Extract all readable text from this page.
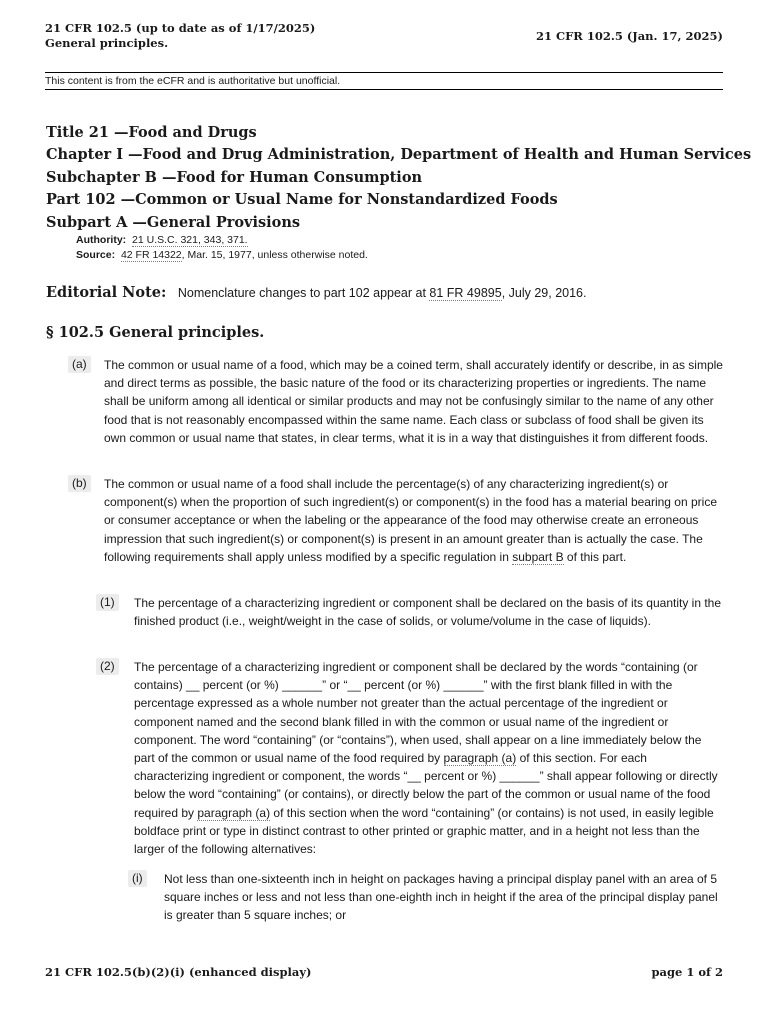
21 CFR 102.5 (up to date as of 1/17/2025)
General principles.	21 CFR 102.5 (Jan. 17, 2025)
This content is from the eCFR and is authoritative but unofficial.
Title 21 —Food and Drugs
Chapter I —Food and Drug Administration, Department of Health and Human Services
Subchapter B —Food for Human Consumption
Part 102 —Common or Usual Name for Nonstandardized Foods
Subpart A —General Provisions
Authority: 21 U.S.C. 321, 343, 371.
Source: 42 FR 14322, Mar. 15, 1977, unless otherwise noted.
Editorial Note: Nomenclature changes to part 102 appear at 81 FR 49895, July 29, 2016.
§ 102.5 General principles.

(a)	The common or usual name of a food, which may be a coined term, shall accurately identify or describe, in as simple and direct terms as possible, the basic nature of the food or its characterizing properties or ingredients. The name shall be uniform among all identical or similar products and may not be confusingly similar to the name of any other food that is not reasonably encompassed within the same name. Each class or subclass of food shall be given its own common or usual name that states, in clear terms, what it is in a way that distinguishes it from different foods.

(b)	The common or usual name of a food shall include the percentage(s) of any characterizing ingredient(s) or component(s) when the proportion of such ingredient(s) or component(s) in the food has a material bearing on price or consumer acceptance or when the labeling or the appearance of the food may otherwise create an erroneous impression that such ingredient(s) or component(s) is present in an amount greater than is actually the case. The following requirements shall apply unless modified by a specific regulation in subpart B of this part.

(1)	The percentage of a characterizing ingredient or component shall be declared on the basis of its quantity in the finished product (i.e., weight/weight in the case of solids, or volume/volume in the case of liquids).

(2)	The percentage of a characterizing ingredient or component shall be declared by the words “containing (or contains) __ percent (or %) ______” or “__ percent (or %) ______” with the first blank filled in with the percentage expressed as a whole number not greater than the actual percentage of the ingredient or component named and the second blank filled in with the common or usual name of the ingredient or component. The word “containing” (or “contains”), when used, shall appear on a line immediately below the part of the common or usual name of the food required by paragraph (a) of this section. For each characterizing ingredient or component, the words “__ percent or %) ______” shall appear following or directly below the word “containing” (or contains), or directly below the part of the common or usual name of the food required by paragraph (a) of this section when the word “containing” (or contains) is not used, in easily legible boldface print or type in distinct contrast to other printed or graphic matter, and in a height not less than the larger of the following alternatives:

(i)	Not less than one-sixteenth inch in height on packages having a principal display panel with an area of 5 square inches or less and not less than one-eighth inch in height if the area of the principal display panel is greater than 5 square inches; or

21 CFR 102.5(b)(2)(i) (enhanced display)	page 1 of 2
